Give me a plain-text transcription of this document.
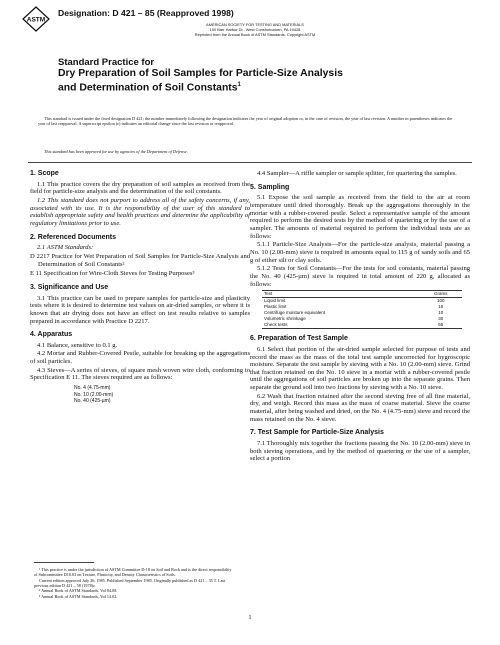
ASTM
Designation: D 421 – 85 (Reapproved 1998)
AMERICAN SOCIETY FOR TESTING AND MATERIALS
100 Barr Harbor Dr., West Conshohocken, PA 19428
Reprinted from the Annual Book of ASTM Standards. Copyright ASTM
Standard Practice for
Dry Preparation of Soil Samples for Particle-Size Analysis
and Determination of Soil Constants$^1$
This standard is issued under the fixed designation D 421; the number immediately following the designation indicates the year of original adoption or, in the case of revision, the year of last revision. A number in parentheses indicates the year of last reapproval. A superscript epsilon (ε) indicates an editorial change since the last revision or reapproval.
This standard has been approved for use by agencies of the Department of Defense.
1. Scope

1.1 This practice covers the dry preparation of soil samples as received from the field for particle-size analysis and the determination of the soil constants.

1.2 This standard does not purport to address all of the safety concerns, if any, associated with its use. It is the responsibility of the user of this standard to establish appropriate safety and health practices and determine the applicability of regulatory limitations prior to use.

2. Referenced Documents

2.1 ASTM Standards:

D 2217 Practice for Wet Preparation of Soil Samples for Particle-Size Analysis and Determination of Soil Constants²
E 11 Specification for Wire-Cloth Sieves for Testing Purposes³
3. Significance and Use

3.1 This practice can be used to prepare samples for particle-size and plasticity tests where it is desired to determine test values on air-dried samples, or where it is known that air drying does not have an effect on test results relative to samples prepared in accordance with Practice D 2217.

4. Apparatus

4.1 Balance, sensitive to 0.1 g.

4.2 Mortar and Rubber-Covered Pestle, suitable for breaking up the aggregations of soil particles.

4.3 Sieves—A series of sieves, of square mesh woven wire cloth, conforming to Specification E 11. The sieves required are as follows:

No. 4 (4.75-mm)
No. 10 (2.00-mm)
No. 40 (425-µm)

¹ This practice is under the jurisdiction of ASTM Committee D-18 on Soil and Rock and is the direct responsibility of Subcommittee D18.03 on Texture, Plasticity, and Density Characteristics of Soils.

Current edition approved July 26, 1985. Published September 1985. Originally published as D 421 – 35 T. Last previous edition D 421 – 58 (1978)ε.

² Annual Book of ASTM Standards, Vol 04.08.

³ Annual Book of ASTM Standards, Vol 14.02.

4.4 Sampler—A riffle sampler or sample splitter, for quartering the samples.

5. Sampling

5.1 Expose the soil sample as received from the field to the air at room temperature until dried thoroughly. Break up the aggregations thoroughly in the mortar with a rubber-covered pestle. Select a representative sample of the amount required to perform the desired tests by the method of quartering or by the use of a sampler. The amounts of material required to perform the individual tests are as follows:

5.1.1 Particle-Size Analysis—For the particle-size analysis, material passing a No. 10 (2.00-mm) sieve is required in amounts equal to 115 g of sandy soils and 65 g of either silt or clay soils.

5.1.2 Tests for Soil Constants—For the tests for soil constants, material passing the No. 40 (425-µm) sieve is required in total amount of 220 g, allocated as follows:

Test	Grams
Liquid limit	100
Plastic limit	15
Centrifuge moisture equivalent	10
Volumetric shrinkage	30
Check tests	65
6. Preparation of Test Sample

6.1 Select that portion of the air-dried sample selected for purpose of tests and record the mass as the mass of the total test sample uncorrected for hygroscopic moisture. Separate the test sample by sieving with a No. 10 (2.00-mm) sieve. Grind that fraction retained on the No. 10 sieve in a mortar with a rubber-covered pestle until the aggregations of soil particles are broken up into the separate grains. Then separate the ground soil into two fractions by sieving with a No. 10 sieve.

6.2 Wash that fraction retained after the second sieving free of all fine material, dry, and weigh. Record this mass as the mass of coarse material. Sieve the coarse material, after being washed and dried, on the No. 4 (4.75-mm) sieve and record the mass retained on the No. 4 sieve.

7. Test Sample for Particle-Size Analysis

7.1 Thoroughly mix together the fractions passing the No. 10 (2.00-mm) sieve in both sieving operations, and by the method of quartering or the use of a sampler, select a portion

1
